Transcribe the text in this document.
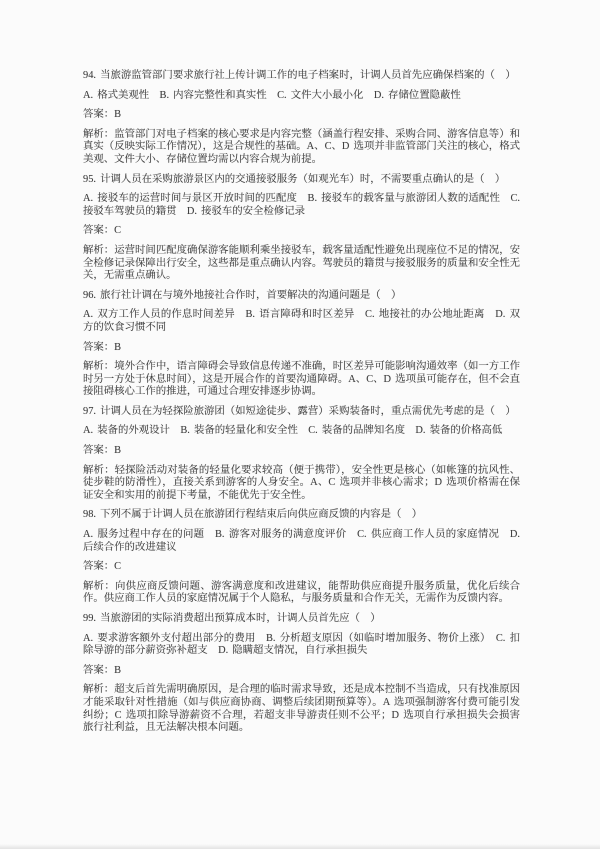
94. 当旅游监管部门要求旅行社上传计调工作的电子档案时，计调人员首先应确保档案的（　）

A. 格式美观性　B. 内容完整性和真实性　C. 文件大小最小化　D. 存储位置隐蔽性

答案：B

解析：监管部门对电子档案的核心要求是内容完整（涵盖行程安排、采购合同、游客信息等）和真实（反映实际工作情况），这是合规性的基础。A、C、D 选项并非监管部门关注的核心，格式美观、文件大小、存储位置均需以内容合规为前提。

95. 计调人员在采购旅游景区内的交通接驳服务（如观光车）时，不需要重点确认的是（　）

A. 接驳车的运营时间与景区开放时间的匹配度　B. 接驳车的载客量与旅游团人数的适配性　C. 接驳车驾驶员的籍贯　D. 接驳车的安全检修记录

答案：C

解析：运营时间匹配度确保游客能顺利乘坐接驳车，载客量适配性避免出现座位不足的情况，安全检修记录保障出行安全，这些都是重点确认内容。驾驶员的籍贯与接驳服务的质量和安全性无关，无需重点确认。

96. 旅行社计调在与境外地接社合作时，首要解决的沟通问题是（　）

A. 双方工作人员的作息时间差异　B. 语言障碍和时区差异　C. 地接社的办公地址距离　D. 双方的饮食习惯不同

答案：B

解析：境外合作中，语言障碍会导致信息传递不准确，时区差异可能影响沟通效率（如一方工作时另一方处于休息时间），这是开展合作的首要沟通障碍。A、C、D 选项虽可能存在，但不会直接阻碍核心工作的推进，可通过合理安排逐步协调。

97. 计调人员在为轻探险旅游团（如短途徒步、露营）采购装备时，重点需优先考虑的是（　）

A. 装备的外观设计　B. 装备的轻量化和安全性　C. 装备的品牌知名度　D. 装备的价格高低

答案：B

解析：轻探险活动对装备的轻量化要求较高（便于携带），安全性更是核心（如帐篷的抗风性、徒步鞋的防滑性），直接关系到游客的人身安全。A、C 选项并非核心需求；D 选项价格需在保证安全和实用的前提下考量，不能优先于安全性。

98. 下列不属于计调人员在旅游团行程结束后向供应商反馈的内容是（　）

A. 服务过程中存在的问题　B. 游客对服务的满意度评价　C. 供应商工作人员的家庭情况　D. 后续合作的改进建议

答案：C

解析：向供应商反馈问题、游客满意度和改进建议，能帮助供应商提升服务质量，优化后续合作。供应商工作人员的家庭情况属于个人隐私，与服务质量和合作无关，无需作为反馈内容。

99. 当旅游团的实际消费超出预算成本时，计调人员首先应（　）

A. 要求游客额外支付超出部分的费用　B. 分析超支原因（如临时增加服务、物价上涨）　C. 扣除导游的部分薪资弥补超支　D. 隐瞒超支情况，自行承担损失

答案：B

解析：超支后首先需明确原因，是合理的临时需求导致，还是成本控制不当造成，只有找准原因才能采取针对性措施（如与供应商协商、调整后续团期预算等）。A 选项强制游客付费可能引发纠纷；C 选项扣除导游薪资不合理，若超支非导游责任则不公平；D 选项自行承担损失会损害旅行社利益，且无法解决根本问题。
